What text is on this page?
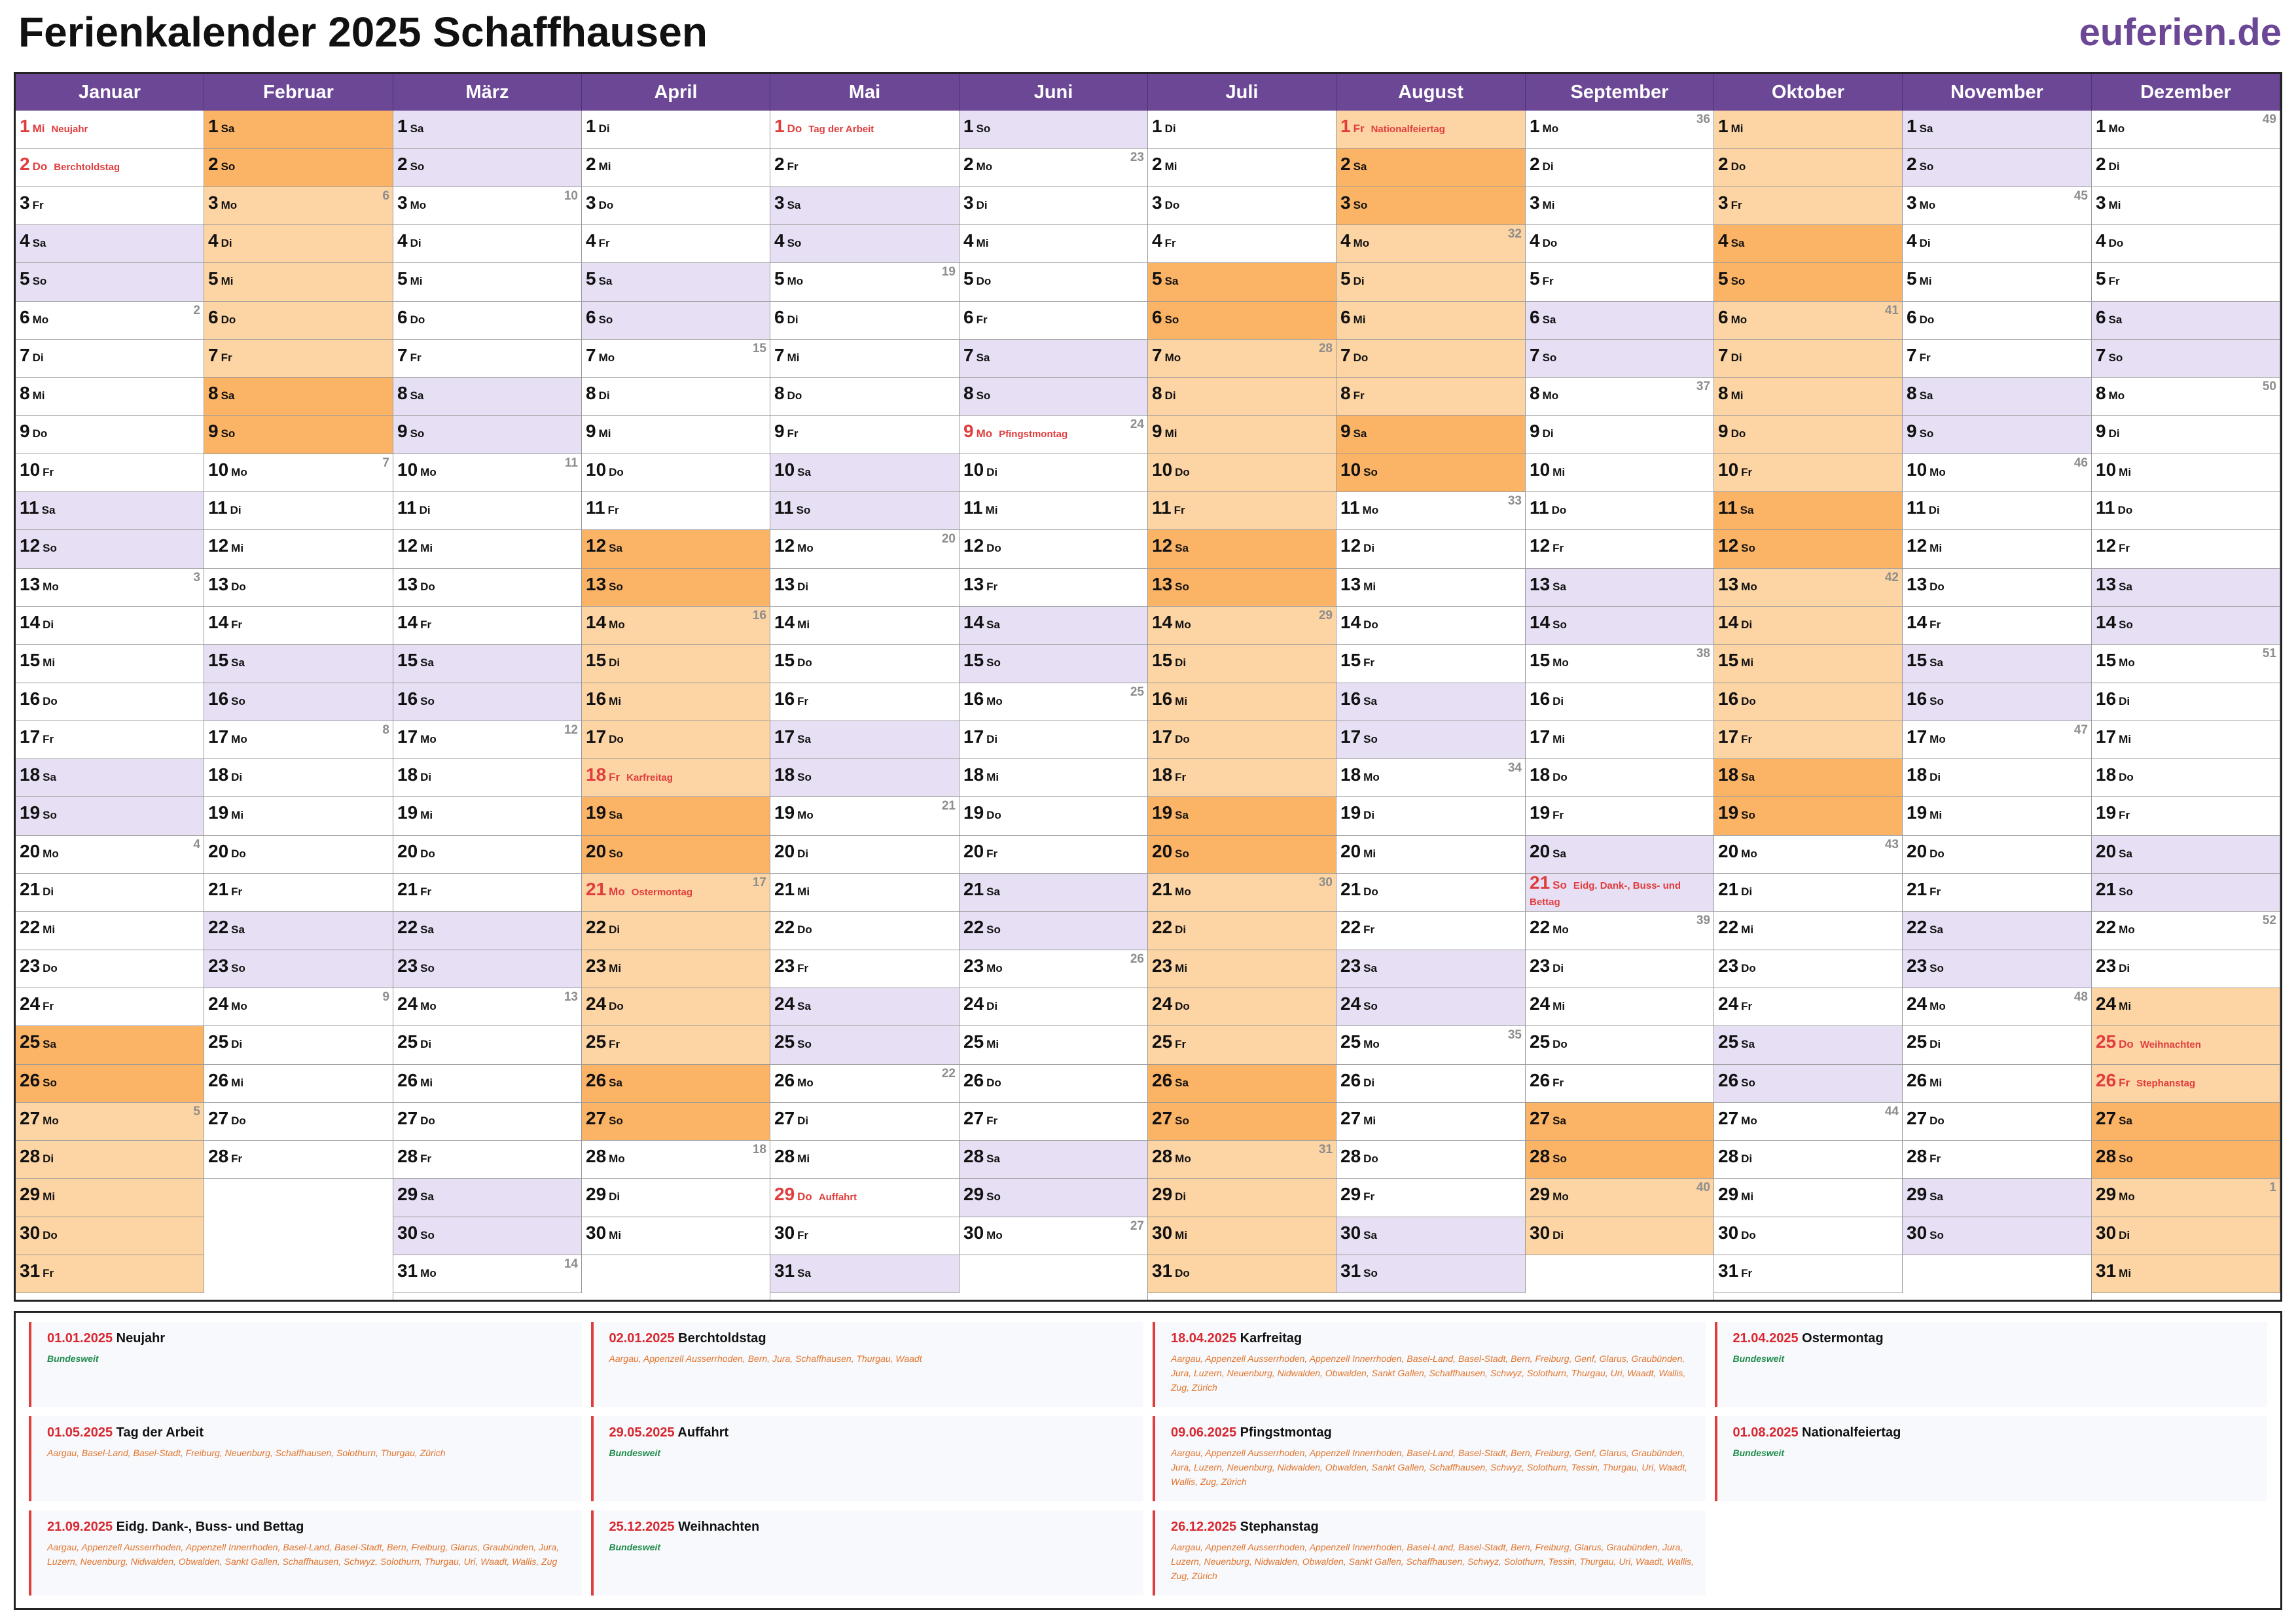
Ferienkalender 2025 Schaffhausen	euferien.de
Januar
1 Mi Neujahr
2 Do Berchtoldstag
3 Fr
4 Sa
5 So
6 Mo
2
7 Di
8 Mi
9 Do
10 Fr
11 Sa
12 So
13 Mo
3
14 Di
15 Mi
16 Do
17 Fr
18 Sa
19 So
20 Mo
4
21 Di
22 Mi
23 Do
24 Fr
25 Sa
26 So
27 Mo
5
28 Di
29 Mi
30 Do
31 Fr
Februar
1 Sa
2 So
3 Mo
6
4 Di
5 Mi
6 Do
7 Fr
8 Sa
9 So
10 Mo
7
11 Di
12 Mi
13 Do
14 Fr
15 Sa
16 So
17 Mo
8
18 Di
19 Mi
20 Do
21 Fr
22 Sa
23 So
24 Mo
9
25 Di
26 Mi
27 Do
28 Fr
März
1 Sa
2 So
3 Mo
10
4 Di
5 Mi
6 Do
7 Fr
8 Sa
9 So
10 Mo
11
11 Di
12 Mi
13 Do
14 Fr
15 Sa
16 So
17 Mo
12
18 Di
19 Mi
20 Do
21 Fr
22 Sa
23 So
24 Mo
13
25 Di
26 Mi
27 Do
28 Fr
29 Sa
30 So
31 Mo
14
April
1 Di
2 Mi
3 Do
4 Fr
5 Sa
6 So
7 Mo
15
8 Di
9 Mi
10 Do
11 Fr
12 Sa
13 So
14 Mo
16
15 Di
16 Mi
17 Do
18 Fr Karfreitag
19 Sa
20 So
21 Mo Ostermontag
17
22 Di
23 Mi
24 Do
25 Fr
26 Sa
27 So
28 Mo
18
29 Di
30 Mi
Mai
1 Do Tag der Arbeit
2 Fr
3 Sa
4 So
5 Mo
19
6 Di
7 Mi
8 Do
9 Fr
10 Sa
11 So
12 Mo
20
13 Di
14 Mi
15 Do
16 Fr
17 Sa
18 So
19 Mo
21
20 Di
21 Mi
22 Do
23 Fr
24 Sa
25 So
26 Mo
22
27 Di
28 Mi
29 Do Auffahrt
30 Fr
31 Sa
Juni
1 So
2 Mo
23
3 Di
4 Mi
5 Do
6 Fr
7 Sa
8 So
9 Mo Pfingstmontag
24
10 Di
11 Mi
12 Do
13 Fr
14 Sa
15 So
16 Mo
25
17 Di
18 Mi
19 Do
20 Fr
21 Sa
22 So
23 Mo
26
24 Di
25 Mi
26 Do
27 Fr
28 Sa
29 So
30 Mo
27
Juli
1 Di
2 Mi
3 Do
4 Fr
5 Sa
6 So
7 Mo
28
8 Di
9 Mi
10 Do
11 Fr
12 Sa
13 So
14 Mo
29
15 Di
16 Mi
17 Do
18 Fr
19 Sa
20 So
21 Mo
30
22 Di
23 Mi
24 Do
25 Fr
26 Sa
27 So
28 Mo
31
29 Di
30 Mi
31 Do
August
1 Fr Nationalfeiertag
2 Sa
3 So
4 Mo
32
5 Di
6 Mi
7 Do
8 Fr
9 Sa
10 So
11 Mo
33
12 Di
13 Mi
14 Do
15 Fr
16 Sa
17 So
18 Mo
34
19 Di
20 Mi
21 Do
22 Fr
23 Sa
24 So
25 Mo
35
26 Di
27 Mi
28 Do
29 Fr
30 Sa
31 So
September
1 Mo
36
2 Di
3 Mi
4 Do
5 Fr
6 Sa
7 So
8 Mo
37
9 Di
10 Mi
11 Do
12 Fr
13 Sa
14 So
15 Mo
38
16 Di
17 Mi
18 Do
19 Fr
20 Sa
21 So Eidg. Dank-, Buss- und Bettag
22 Mo
39
23 Di
24 Mi
25 Do
26 Fr
27 Sa
28 So
29 Mo
40
30 Di
Oktober
1 Mi
2 Do
3 Fr
4 Sa
5 So
6 Mo
41
7 Di
8 Mi
9 Do
10 Fr
11 Sa
12 So
13 Mo
42
14 Di
15 Mi
16 Do
17 Fr
18 Sa
19 So
20 Mo
43
21 Di
22 Mi
23 Do
24 Fr
25 Sa
26 So
27 Mo
44
28 Di
29 Mi
30 Do
31 Fr
November
1 Sa
2 So
3 Mo
45
4 Di
5 Mi
6 Do
7 Fr
8 Sa
9 So
10 Mo
46
11 Di
12 Mi
13 Do
14 Fr
15 Sa
16 So
17 Mo
47
18 Di
19 Mi
20 Do
21 Fr
22 Sa
23 So
24 Mo
48
25 Di
26 Mi
27 Do
28 Fr
29 Sa
30 So
Dezember
1 Mo
49
2 Di
3 Mi
4 Do
5 Fr
6 Sa
7 So
8 Mo
50
9 Di
10 Mi
11 Do
12 Fr
13 Sa
14 So
15 Mo
51
16 Di
17 Mi
18 Do
19 Fr
20 Sa
21 So
22 Mo
52
23 Di
24 Mi
25 Do Weihnachten
26 Fr Stephanstag
27 Sa
28 So
29 Mo
1
30 Di
31 Mi
01.01.2025 Neujahr
Bundesweit
02.01.2025 Berchtoldstag
Aargau, Appenzell Ausserrhoden, Bern, Jura, Schaffhausen, Thurgau, Waadt
18.04.2025 Karfreitag
Aargau, Appenzell Ausserrhoden, Appenzell Innerrhoden, Basel-Land, Basel-Stadt, Bern, Freiburg, Genf, Glarus, Graubünden, Jura, Luzern, Neuenburg, Nidwalden, Obwalden, Sankt Gallen, Schaffhausen, Schwyz, Solothurn, Thurgau, Uri, Waadt, Wallis, Zug, Zürich
21.04.2025 Ostermontag
Bundesweit
01.05.2025 Tag der Arbeit
Aargau, Basel-Land, Basel-Stadt, Freiburg, Neuenburg, Schaffhausen, Solothurn, Thurgau, Zürich
29.05.2025 Auffahrt
Bundesweit
09.06.2025 Pfingstmontag
Aargau, Appenzell Ausserrhoden, Appenzell Innerrhoden, Basel-Land, Basel-Stadt, Bern, Freiburg, Genf, Glarus, Graubünden, Jura, Luzern, Neuenburg, Nidwalden, Obwalden, Sankt Gallen, Schaffhausen, Schwyz, Solothurn, Tessin, Thurgau, Uri, Waadt, Wallis, Zug, Zürich
01.08.2025 Nationalfeiertag
Bundesweit
21.09.2025 Eidg. Dank-, Buss- und Bettag
Aargau, Appenzell Ausserrhoden, Appenzell Innerrhoden, Basel-Land, Basel-Stadt, Bern, Freiburg, Glarus, Graubünden, Jura, Luzern, Neuenburg, Nidwalden, Obwalden, Sankt Gallen, Schaffhausen, Schwyz, Solothurn, Thurgau, Uri, Waadt, Wallis, Zug
25.12.2025 Weihnachten
Bundesweit
26.12.2025 Stephanstag
Aargau, Appenzell Ausserrhoden, Appenzell Innerrhoden, Basel-Land, Basel-Stadt, Bern, Freiburg, Glarus, Graubünden, Jura, Luzern, Neuenburg, Nidwalden, Obwalden, Sankt Gallen, Schaffhausen, Schwyz, Solothurn, Tessin, Thurgau, Uri, Waadt, Wallis, Zug, Zürich
